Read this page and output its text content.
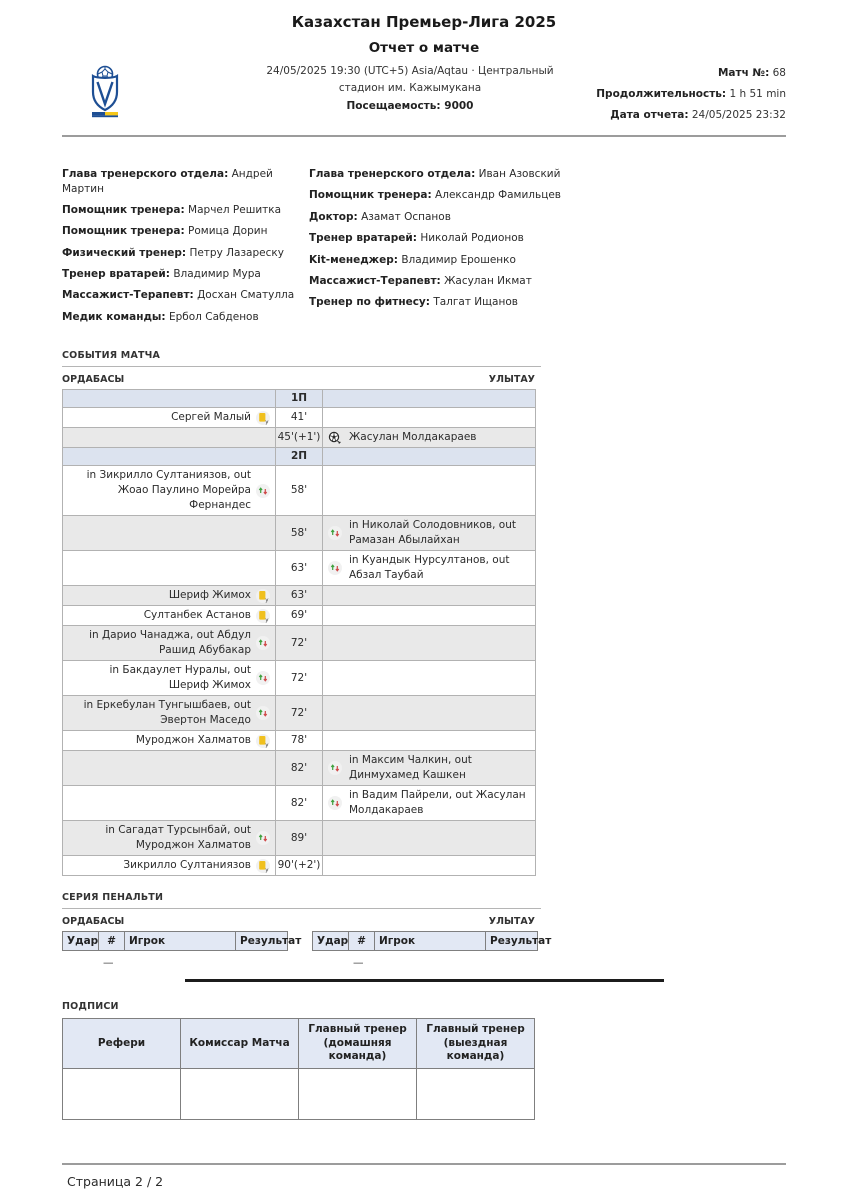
Казахстан Премьер-Лига 2025
Отчет о матче
24/05/2025 19:30 (UTC+5) Asia/Aqtau · Центральный стадион им. Кажымукана
Посещаемость: 9000
Матч №: 68
Продолжительность: 1 h 51 min
Дата отчета: 24/05/2025 23:32
Глава тренерского отдела: Андрей Мартин
Помощник тренера: Марчел Решитка
Помощник тренера: Ромица Дорин
Физический тренер: Петру Лазареску
Тренер вратарей: Владимир Мура
Массажист-Терапевт: Досхан Сматулла
Медик команды: Ербол Сабденов
Глава тренерского отдела: Иван Азовский
Помощник тренера: Александр Фамильцев
Доктор: Азамат Оспанов
Тренер вратарей: Николай Родионов
Kit-менеджер: Владимир Ерошенко
Массажист-Терапевт: Жасулан Икмат
Тренер по фитнесу: Талгат Ищанов
СОБЫТИЯ МАТЧА
ОРДАБАСЫ	УЛЫТАУ
	1П	

Сергей Малый y	41'	
	45'(+1')	Жасулан Молдакараев

	2П	

in Зикрилло Султаниязов, out Жоао Паулино Морейра Фернандес	58'	
	58'	in Николай Солодовников, out Рамазан Абылайхан

	63'	in Куандык Нурсултанов, out Абзал Таубай

Шериф Жимох y	63'	

Султанбек Астанов y	69'	

in Дарио Чанаджа, out Абдул Рашид Абубакар	72'	

in Бакдаулет Нуралы, out Шериф Жимох	72'	

in Еркебулан Тунгышбаев, out Эвертон Маседо	72'	

Муроджон Халматов y	78'	
	82'	in Максим Чалкин, out Динмухамед Кашкен

	82'	in Вадим Пайрели, out Жасулан Молдакараев

in Сагадат Турсынбай, out Муроджон Халматов	89'	

Зикрилло Султаниязов y	90'(+2')	
СЕРИЯ ПЕНАЛЬТИ
ОРДАБАСЫ	УЛЫТАУ
Удар	#	Игрок	Результат
—
Удар	#	Игрок	Результат
—
ПОДПИСИ
Рефери	Комиссар Матча	Главный тренер (домашняя команда)	Главный тренер (выездная команда)

Страница 2 / 2
